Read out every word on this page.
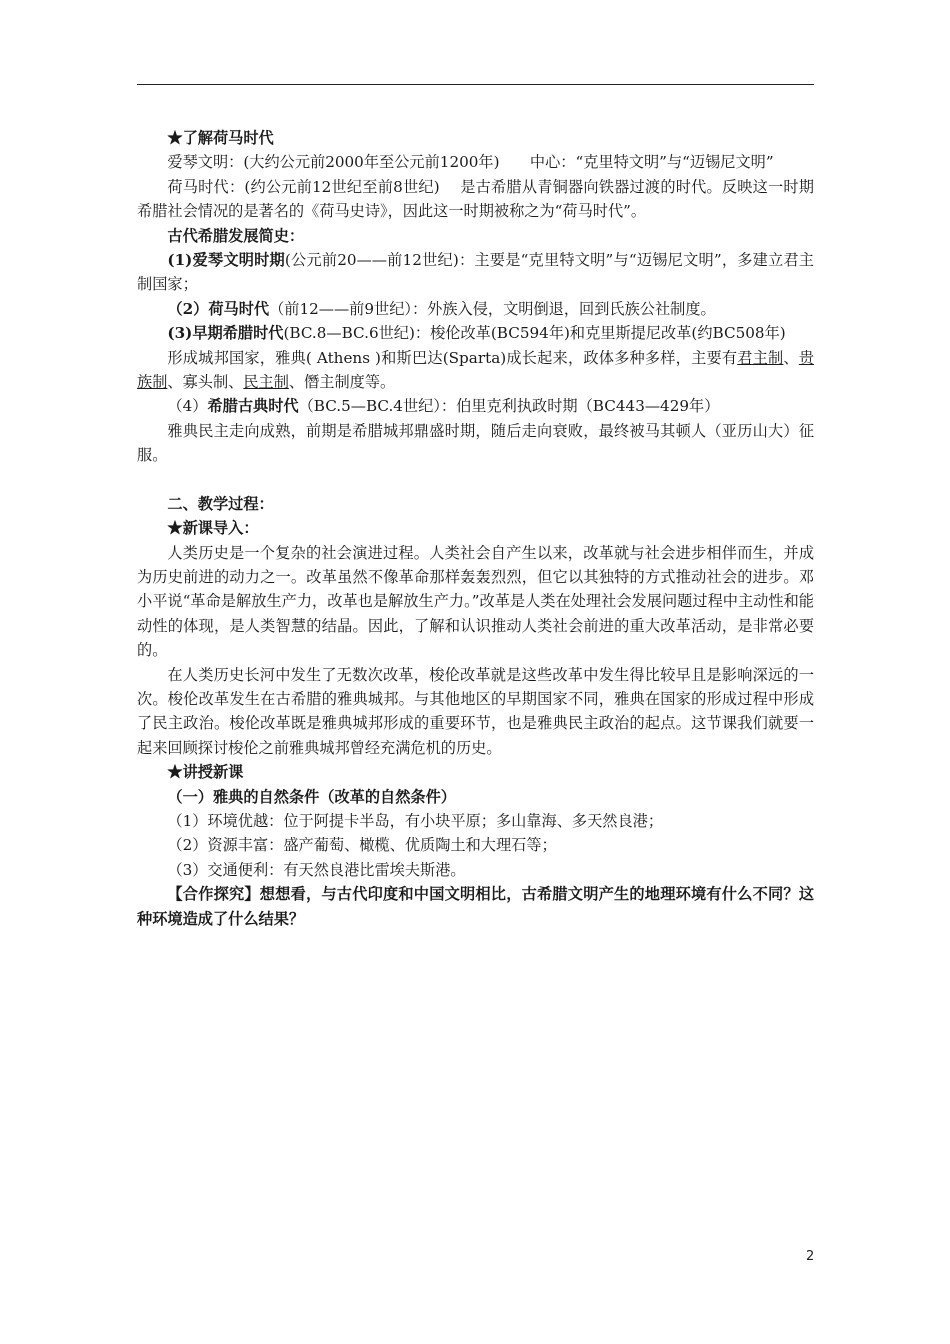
★了解荷马时代

爱琴文明：(大约公元前2000年至公元前1200年)　　中心：“克里特文明”与“迈锡尼文明”

荷马时代：(约公元前12世纪至前8世纪)　 是古希腊从青铜器向铁器过渡的时代。反映这一时期希腊社会情况的是著名的《荷马史诗》，因此这一时期被称之为“荷马时代”。

古代希腊发展简史：

(1)爱琴文明时期(公元前20——前12世纪)：主要是“克里特文明”与“迈锡尼文明”，多建立君主制国家；

（2）荷马时代（前12——前9世纪）：外族入侵，文明倒退，回到氏族公社制度。

(3)早期希腊时代(BC.8—BC.6世纪)：梭伦改革(BC594年)和克里斯提尼改革(约BC508年)

形成城邦国家，雅典( Athens )和斯巴达(Sparta)成长起来，政体多种多样，主要有君主制、贵族制、寡头制、民主制、僭主制度等。

（4）希腊古典时代（BC.5—BC.4世纪）：伯里克利执政时期（BC443—429年）

雅典民主走向成熟，前期是希腊城邦鼎盛时期，随后走向衰败，最终被马其顿人（亚历山大）征服。

二、教学过程：

★新课导入：

人类历史是一个复杂的社会演进过程。人类社会自产生以来，改革就与社会进步相伴而生，并成为历史前进的动力之一。改革虽然不像革命那样轰轰烈烈，但它以其独特的方式推动社会的进步。邓小平说“革命是解放生产力，改革也是解放生产力。”改革是人类在处理社会发展问题过程中主动性和能动性的体现，是人类智慧的结晶。因此，了解和认识推动人类社会前进的重大改革活动，是非常必要的。

在人类历史长河中发生了无数次改革，梭伦改革就是这些改革中发生得比较早且是影响深远的一次。梭伦改革发生在古希腊的雅典城邦。与其他地区的早期国家不同，雅典在国家的形成过程中形成了民主政治。梭伦改革既是雅典城邦形成的重要环节，也是雅典民主政治的起点。这节课我们就要一起来回顾探讨梭伦之前雅典城邦曾经充满危机的历史。

★讲授新课

（一）雅典的自然条件（改革的自然条件）

（1）环境优越：位于阿提卡半岛，有小块平原；多山靠海、多天然良港；

（2）资源丰富：盛产葡萄、橄榄、优质陶土和大理石等；

（3）交通便利：有天然良港比雷埃夫斯港。

【合作探究】想想看，与古代印度和中国文明相比，古希腊文明产生的地理环境有什么不同？这种环境造成了什么结果？

2
